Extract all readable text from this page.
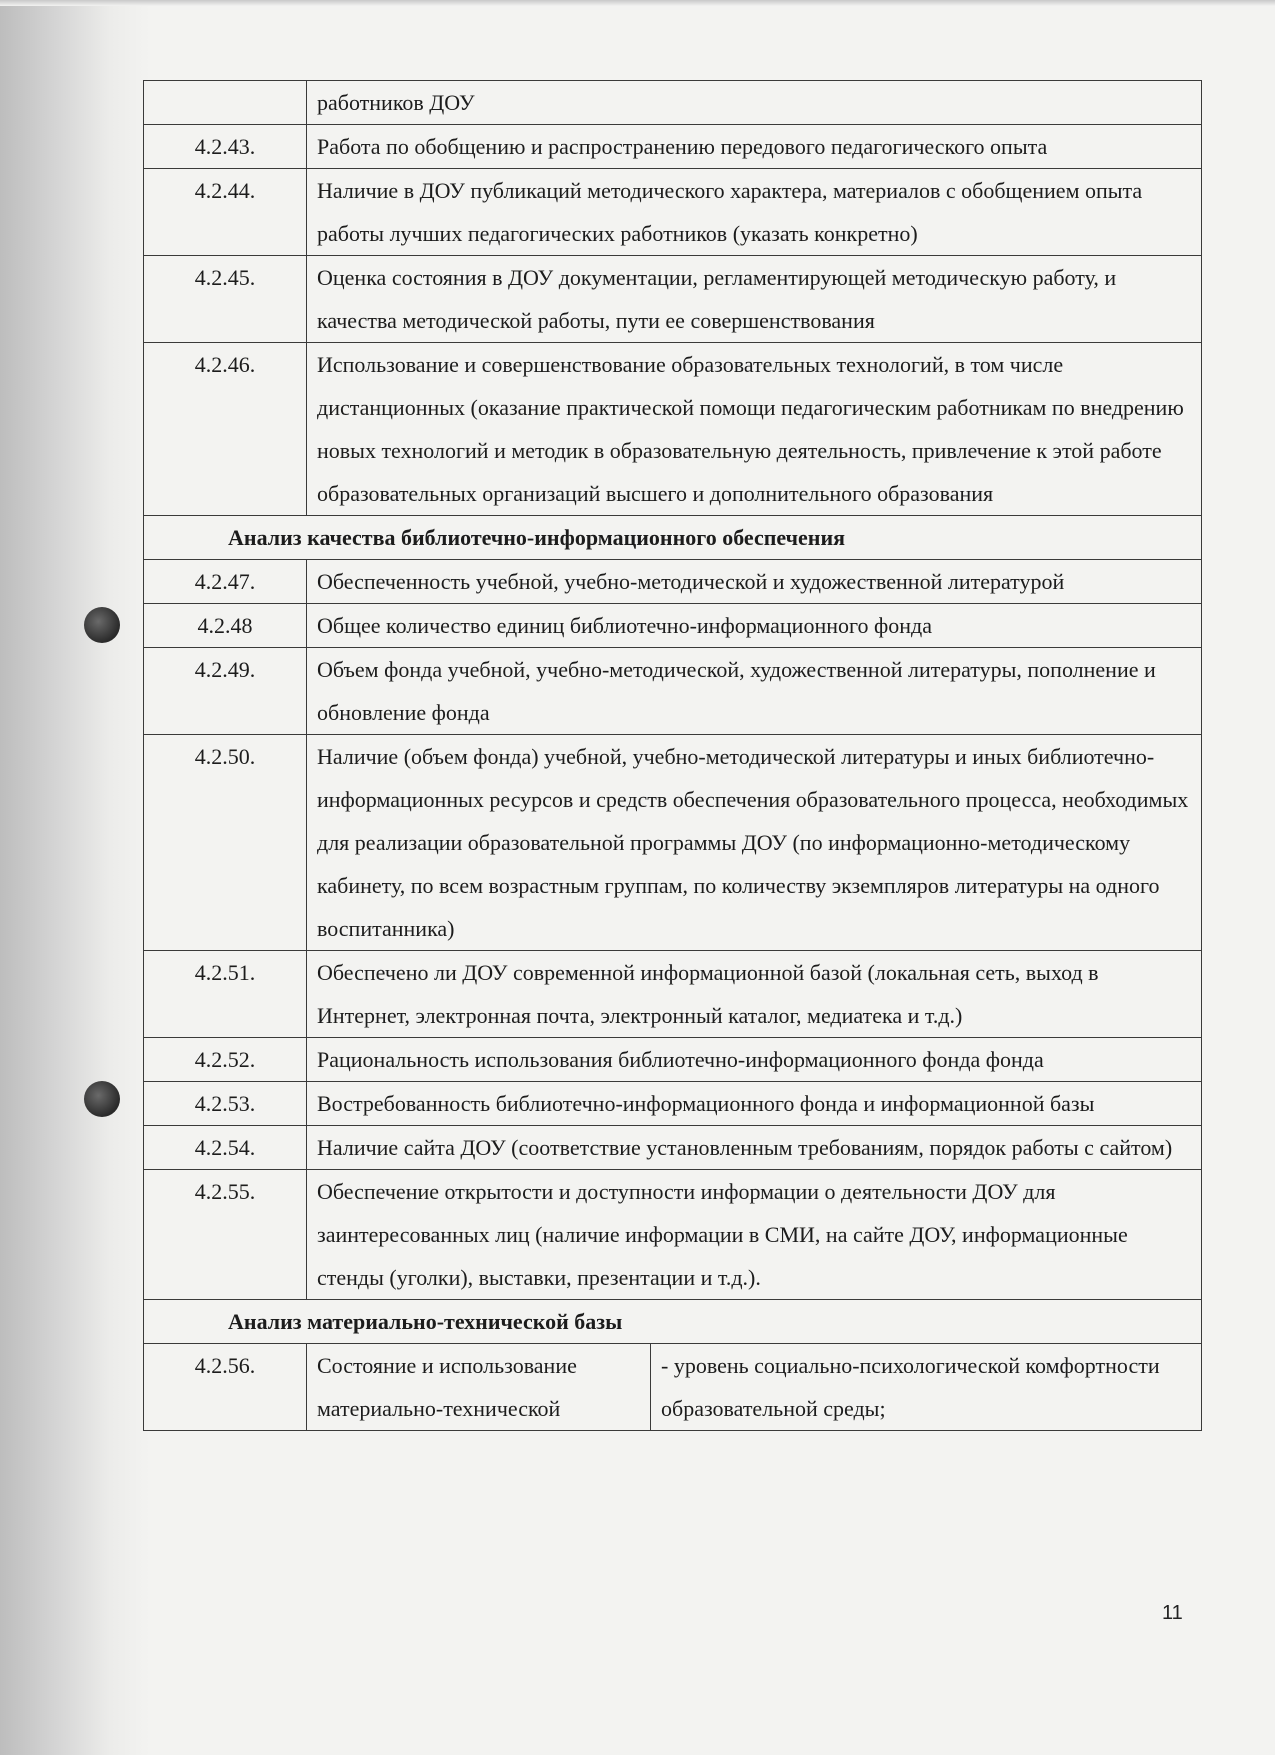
	работников ДОУ	
4.2.43.	Работа по обобщению и распространению передового педагогического опыта	
4.2.44.	Наличие в ДОУ публикаций методического характера, материалов с обобщением опыта работы лучших педагогических работников (указать конкретно)	
4.2.45.	Оценка состояния в ДОУ документации, регламентирующей методическую работу, и качества методической работы, пути ее совершенствования	
4.2.46.	Использование и совершенствование образовательных технологий, в том числе дистанционных (оказание практической помощи педагогическим работникам по внедрению новых технологий и методик в образовательную деятельность, привлечение к этой работе образовательных организаций высшего и дополнительного образования	
Анализ качества библиотечно-информационного обеспечения		
4.2.47.	Обеспеченность учебной, учебно-методической и художественной литературой	
4.2.48	Общее количество единиц библиотечно-информационного фонда	
4.2.49.	Объем фонда учебной, учебно-методической, художественной литературы, пополнение и обновление фонда	
4.2.50.	Наличие (объем фонда) учебной, учебно-методической литературы и иных библиотечно-информационных ресурсов и средств обеспечения образовательного процесса, необходимых для реализации образовательной программы ДОУ (по информационно-методическому кабинету, по всем возрастным группам, по количеству экземпляров литературы на одного воспитанника)	
4.2.51.	Обеспечено ли ДОУ современной информационной базой (локальная сеть, выход в Интернет, электронная почта, электронный каталог, медиатека и т.д.)	
4.2.52.	Рациональность использования библиотечно-информационного фонда фонда	
4.2.53.	Востребованность библиотечно-информационного фонда и информационной базы	
4.2.54.	Наличие сайта ДОУ (соответствие установленным требованиям, порядок работы с сайтом)	
4.2.55.	Обеспечение открытости и доступности информации о деятельности ДОУ для заинтересованных лиц (наличие информации в СМИ, на сайте ДОУ, информационные стенды (уголки), выставки, презентации и т.д.).	
Анализ материально-технической базы		
4.2.56.	Состояние и использование материально-технической	- уровень социально-психологической комфортности образовательной среды;
11
